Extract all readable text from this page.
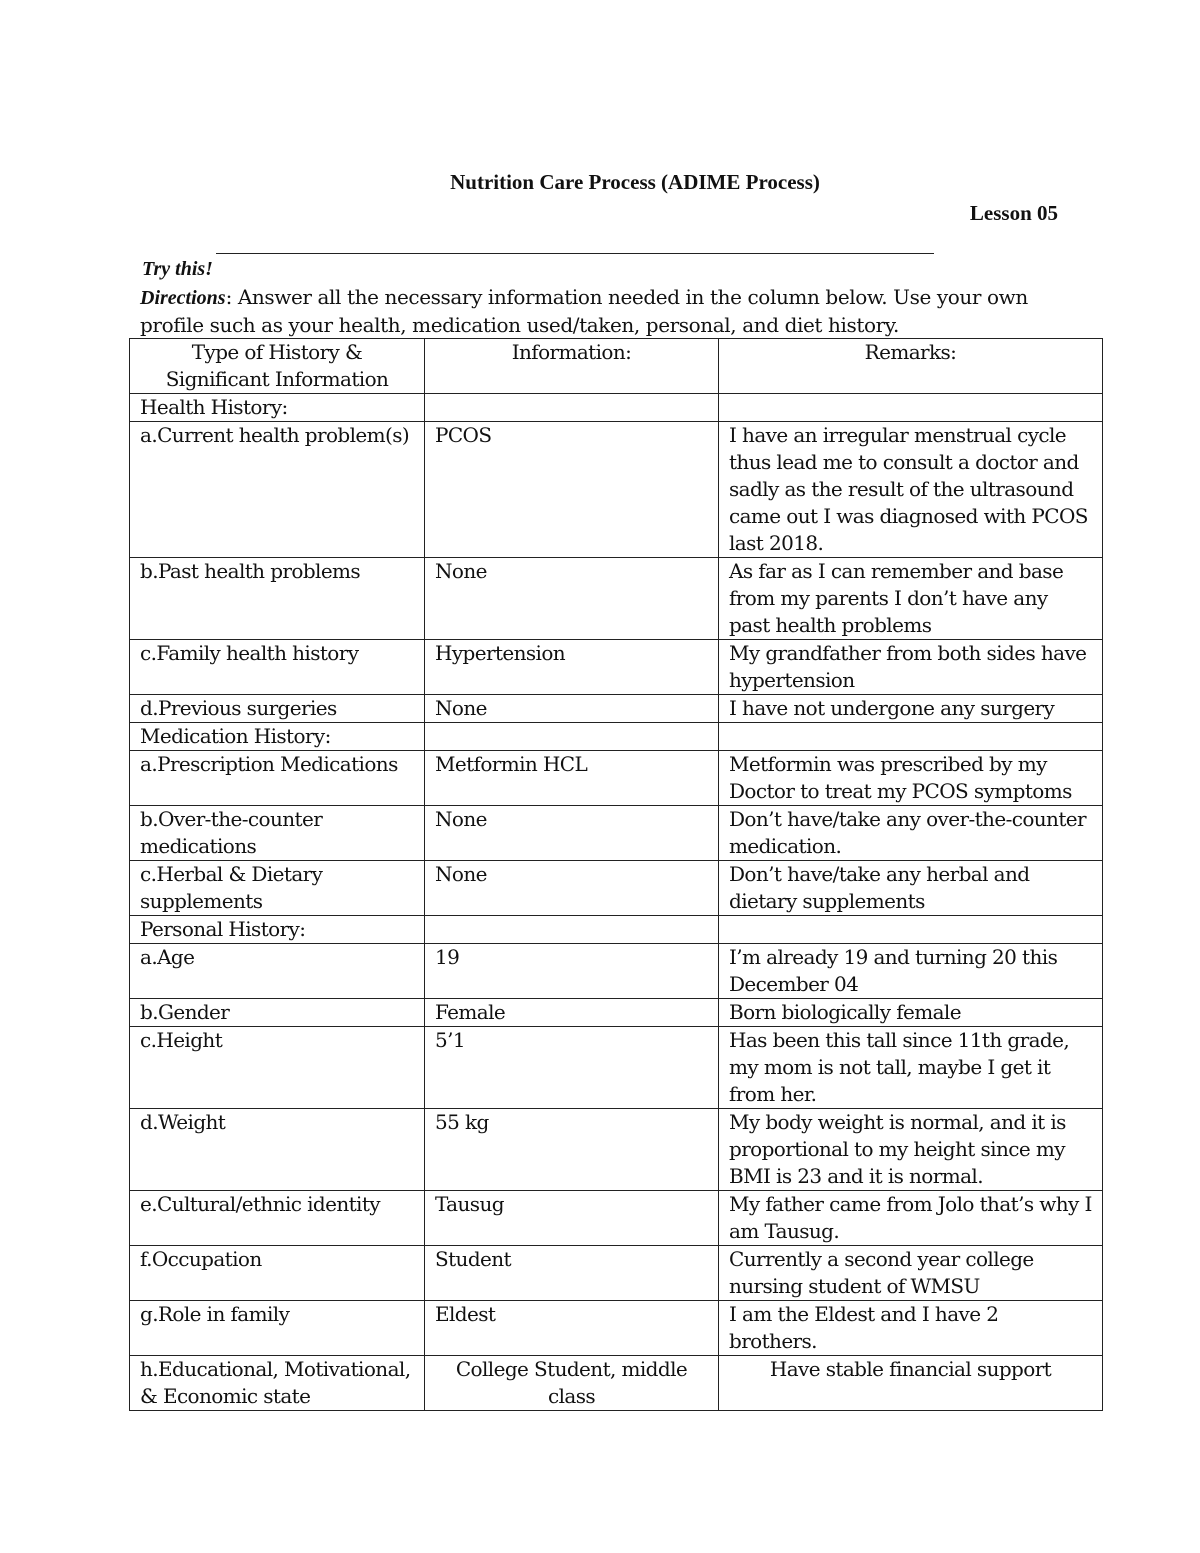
Nutrition Care Process (ADIME Process)
Lesson 05
Try this!
Directions: Answer all the necessary information needed in the column below. Use your own profile such as your health, medication used/taken, personal, and diet history.
Type of History & Significant Information	Information:	Remarks:
Health History:		
a.Current health problem(s)	PCOS	I have an irregular menstrual cycle thus lead me to consult a doctor and sadly as the result of the ultrasound came out I was diagnosed with PCOS last 2018.
b.Past health problems	None	As far as I can remember and base from my parents I don’t have any past health problems
c.Family health history	Hypertension	My grandfather from both sides have hypertension
d.Previous surgeries	None	I have not undergone any surgery
Medication History:		
a.Prescription Medications	Metformin HCL	Metformin was prescribed by my Doctor to treat my PCOS symptoms
b.Over-the-counter medications	None	Don’t have/take any over-the-counter medication.
c.Herbal & Dietary supplements	None	Don’t have/take any herbal and dietary supplements
Personal History:		
a.Age	19	I’m already 19 and turning 20 this December 04
b.Gender	Female	Born biologically female
c.Height	5’1	Has been this tall since 11th grade, my mom is not tall, maybe I get it from her.
d.Weight	55 kg	My body weight is normal, and it is proportional to my height since my BMI is 23 and it is normal.
e.Cultural/ethnic identity	Tausug	My father came from Jolo that’s why I am Tausug.
f.Occupation	Student	Currently a second year college nursing student of WMSU
g.Role in family	Eldest	I am the Eldest and I have 2 brothers.
h.Educational, Motivational, & Economic state	College Student, middle class	Have stable financial support
